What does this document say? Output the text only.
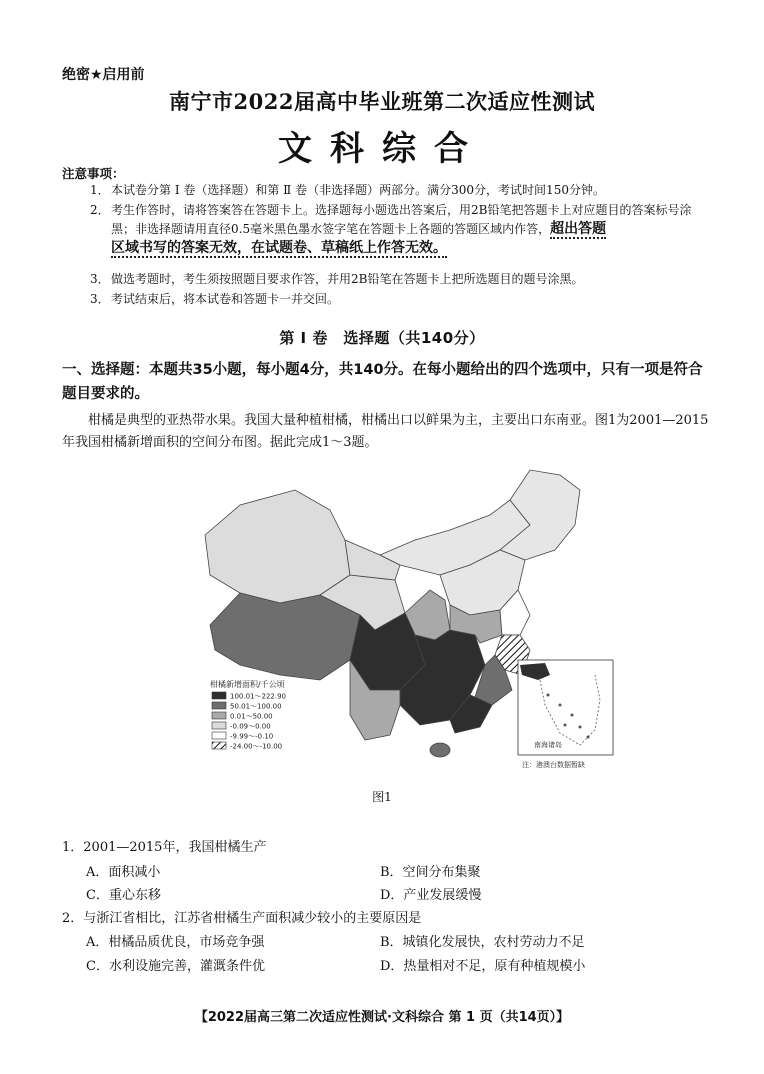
绝密★启用前
南宁市2022届高中毕业班第二次适应性测试
文科综合
注意事项：
1． 本试卷分第 Ⅰ 卷（选择题）和第 Ⅱ 卷（非选择题）两部分。满分300分，考试时间150分钟。
2． 考生作答时，请将答案答在答题卡上。选择题每小题选出答案后，用2B铅笔把答题卡上对应题目的答案标号涂黑；非选择题请用直径0.5毫米黑色墨水签字笔在答题卡上各题的答题区域内作答，超出答题
区域书写的答案无效，在试题卷、草稿纸上作答无效。
3． 做选考题时，考生须按照题目要求作答，并用2B铅笔在答题卡上把所选题目的题号涂黑。
3． 考试结束后，将本试卷和答题卡一并交回。
第 Ⅰ 卷　选择题（共140分）
一、选择题：本题共35小题，每小题4分，共140分。在每小题给出的四个选项中，只有一项是符合题目要求的。
柑橘是典型的亚热带水果。我国大量种植柑橘，柑橘出口以鲜果为主，主要出口东南亚。图1为2001—2015年我国柑橘新增面积的空间分布图。据此完成1～3题。
南海诸岛
注：港澳台数据暂缺
柑橘新增面积/千公顷
100.01～222.90
50.01～100.00
0.01～50.00
-0.09～0.00
-9.99～-0.10
-24.00～-10.00
图1
1．2001—2015年，我国柑橘生产
A．面积减小	B．空间分布集聚
C．重心东移	D．产业发展缓慢
2．与浙江省相比，江苏省柑橘生产面积减少较小的主要原因是
A．柑橘品质优良，市场竞争强	B．城镇化发展快，农村劳动力不足
C．水利设施完善，灌溉条件优	D．热量相对不足，原有种植规模小
【2022届高三第二次适应性测试·文科综合 第 1 页（共14页）】
